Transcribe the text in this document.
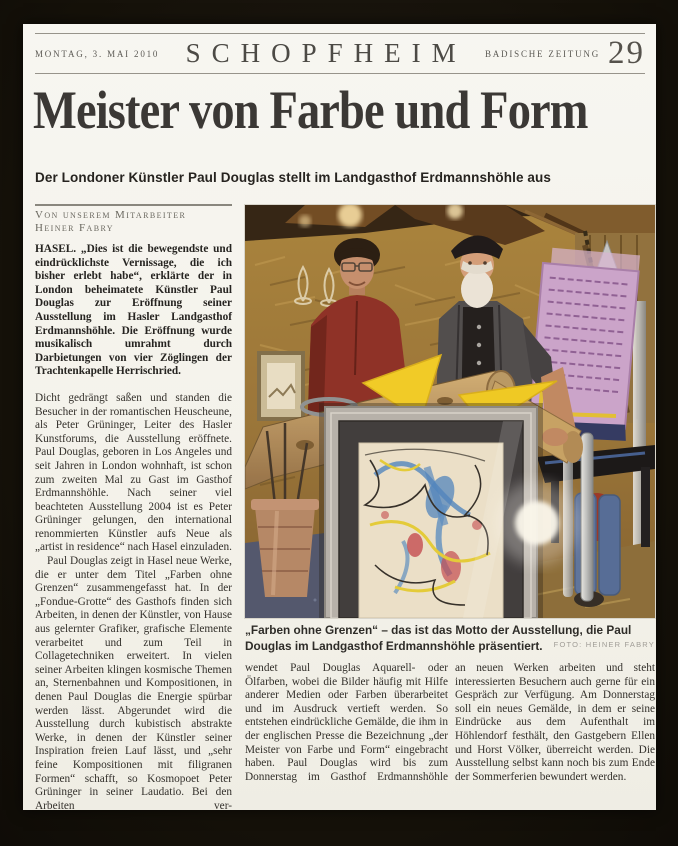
MONTAG, 3. MAI 2010 SCHOPFHEIM	BADISCHE ZEITUNG 29
Meister von Farbe und Form
Der Londoner Künstler Paul Douglas stellt im Landgasthof Erdmannshöhle aus
Von unserem Mitarbeiter
Heiner Fabry

HASEL. „Dies ist die bewegendste und eindrücklichste Vernissage, die ich bisher erlebt habe“, erklärte der in London beheimatete Künstler Paul Douglas zur Eröffnung seiner Ausstellung im Hasler Landgasthof Erdmannshöhle. Die Eröffnung wurde musikalisch umrahmt durch Darbietungen von vier Zöglingen der Trachtenkapelle Herrischried.

Dicht gedrängt saßen und standen die Besucher in der romantischen Heuscheune, als Peter Grüninger, Leiter des Hasler Kunstforums, die Ausstellung eröffnete. Paul Douglas, geboren in Los Angeles und seit Jahren in London wohnhaft, ist schon zum zweiten Mal zu Gast im Gasthof Erdmannshöhle. Nach seiner viel beachteten Ausstellung 2004 ist es Peter Grüninger gelungen, den international renommierten Künstler aufs Neue als „artist in residence“ nach Hasel einzuladen.

Paul Douglas zeigt in Hasel neue Werke, die er unter dem Titel „Farben ohne Grenzen“ zusammengefasst hat. In der „Fondue-Grotte“ des Gasthofs finden sich Arbeiten, in denen der Künstler, von Hause aus gelernter Grafiker, grafische Elemente verarbeitet und zum Teil in Collagetechniken erweitert. In vielen seiner Arbeiten klingen kosmische Themen an, Sternenbahnen und Kompositionen, in denen Paul Douglas die Energie spürbar werden lässt. Abgerundet wird die Ausstellung durch kubistisch abstrakte Werke, in denen der Künstler seiner Inspiration freien Lauf lässt, und „sehr feine Kompositionen mit filigranen Formen“ schafft, so Kosmopoet Peter Grüninger in seiner Laudatio. Bei den Arbeiten ver-

„Farben ohne Grenzen“ – das ist das Motto der Ausstellung, die Paul Douglas im Landgasthof Erdmannshöhle präsentiert. FOTO: HEINER FABRY

wendet Paul Douglas Aquarell- oder Ölfarben, wobei die Bilder häufig mit Hilfe anderer Medien oder Farben überarbeitet und im Ausdruck vertieft werden. So entstehen eindrückliche Gemälde, die ihm in der englischen Presse die Bezeichnung „der Meister von Farbe und Form“ eingebracht haben. Paul Douglas wird bis zum Donnerstag im Gasthof Erdmannshöhle

an neuen Werken arbeiten und steht interessierten Besuchern auch gerne für ein Gespräch zur Verfügung. Am Donnerstag soll ein neues Gemälde, in dem er seine Eindrücke aus dem Aufenthalt im Höhlendorf festhält, den Gastgebern Ellen und Horst Völker, überreicht werden. Die Ausstellung selbst kann noch bis zum Ende der Sommerferien bewundert werden.
